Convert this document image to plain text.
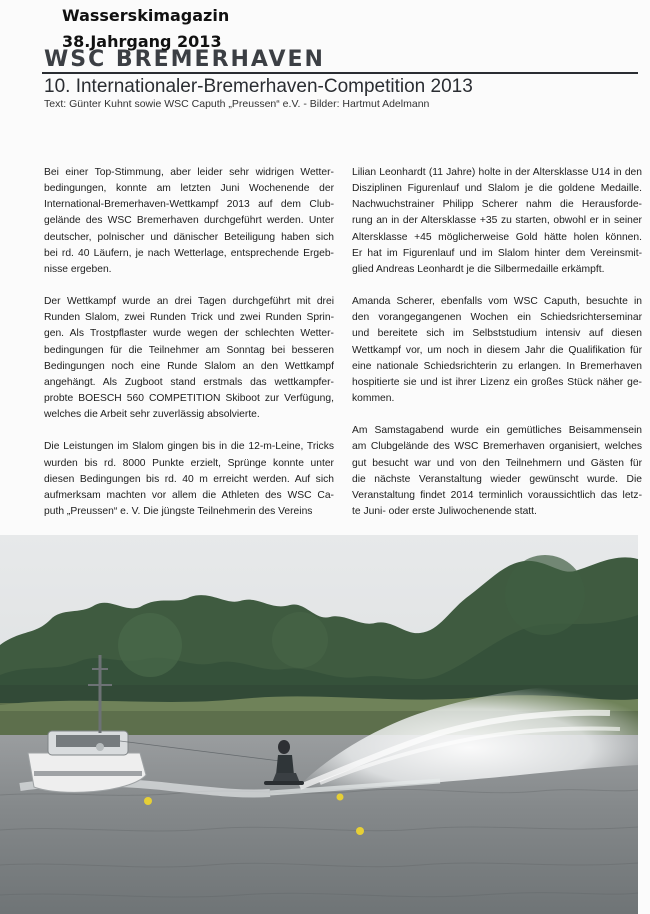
Wasserskimagazin
38.Jahrgang 2013
WSC BREMERHAVEN
10. Internationaler-Bremerhaven-Competition 2013
Text: Günter Kuhnt sowie WSC Caputh „Preussen“ e.V. - Bilder: Hartmut Adelmann

Bei einer Top-Stimmung, aber leider sehr widrigen Wetter-
bedingungen, konnte am letzten Juni Wochenende der
International-Bremerhaven-Wettkampf 2013 auf dem Club-
gelände des WSC Bremerhaven durchgeführt werden. Unter
deutscher, polnischer und dänischer Beteiligung haben sich
bei rd. 40 Läufern, je nach Wetterlage, entsprechende Ergeb-
nisse ergeben.

Der Wettkampf wurde an drei Tagen durchgeführt mit drei
Runden Slalom, zwei Runden Trick und zwei Runden Sprin-
gen. Als Trostpflaster wurde wegen der schlechten Wetter-
bedingungen für die Teilnehmer am Sonntag bei besseren
Bedingungen noch eine Runde Slalom an den Wettkampf
angehängt. Als Zugboot stand erstmals das wettkampfer-
probte BOESCH 560 COMPETITION Skiboot zur Verfügung,
welches die Arbeit sehr zuverlässig absolvierte.

Die Leistungen im Slalom gingen bis in die 12-m-Leine, Tricks
wurden bis rd. 8000 Punkte erzielt, Sprünge konnte unter
diesen Bedingungen bis rd. 40 m erreicht werden. Auf sich
aufmerksam machten vor allem die Athleten des WSC Ca-
puth „Preussen“ e. V. Die jüngste Teilnehmerin des Vereins

Lilian Leonhardt (11 Jahre) holte in der Altersklasse U14 in den
Disziplinen Figurenlauf und Slalom je die goldene Medaille.
Nachwuchstrainer Philipp Scherer nahm die Herausforde-
rung an in der Altersklasse +35 zu starten, obwohl er in seiner
Altersklasse +45 möglicherweise Gold hätte holen können.
Er hat im Figurenlauf und im Slalom hinter dem Vereinsmit-
glied Andreas Leonhardt je die Silbermedaille erkämpft.

Amanda Scherer, ebenfalls vom WSC Caputh, besuchte in
den vorangegangenen Wochen ein Schiedsrichterseminar
und bereitete sich im Selbststudium intensiv auf diesen
Wettkampf vor, um noch in diesem Jahr die Qualifikation für
eine nationale Schiedsrichterin zu erlangen. In Bremerhaven
hospitierte sie und ist ihrer Lizenz ein großes Stück näher ge-
kommen.

Am Samstagabend wurde ein gemütliches Beisammensein
am Clubgelände des WSC Bremerhaven organisiert, welches
gut besucht war und von den Teilnehmern und Gästen für
die nächste Veranstaltung wieder gewünscht wurde. Die
Veranstaltung findet 2014 terminlich voraussichtlich das letz-
te Juni- oder erste Juliwochenende statt.
